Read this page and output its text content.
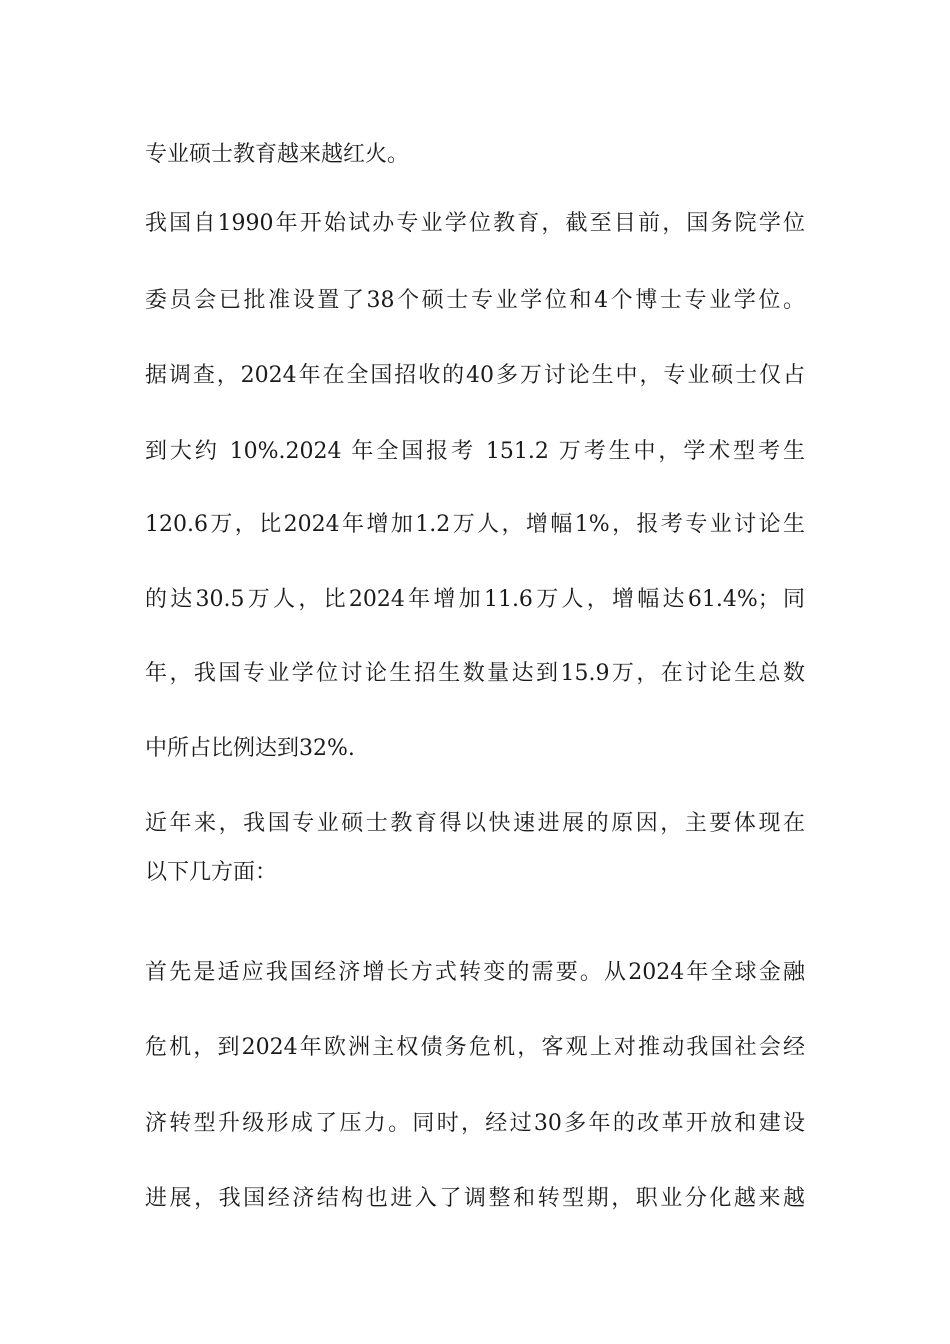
专业硕士教育越来越红火。
我国自1990年开始试办专业学位教育，截至目前，国务院学位
委员会已批准设置了38个硕士专业学位和4个博士专业学位。
据调查，2024年在全国招收的40多万讨论生中，专业硕士仅占
到大约 10%.2024 年全国报考 151.2 万考生中，学术型考生
120.6万，比2024年增加1.2万人，增幅1%，报考专业讨论生
的达30.5万人，比2024年增加11.6万人，增幅达61.4%；同
年，我国专业学位讨论生招生数量达到15.9万，在讨论生总数
中所占比例达到32%.
近年来，我国专业硕士教育得以快速进展的原因，主要体现在
以下几方面：
首先是适应我国经济增长方式转变的需要。从2024年全球金融
危机，到2024年欧洲主权债务危机，客观上对推动我国社会经
济转型升级形成了压力。同时，经过30多年的改革开放和建设
进展，我国经济结构也进入了调整和转型期，职业分化越来越
